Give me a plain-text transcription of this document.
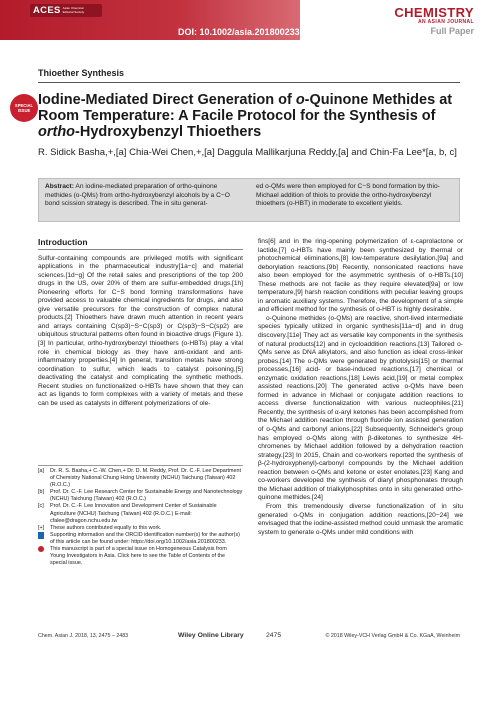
ACES Asian Chemical Editorial Society
DOI: 10.1002/asia.201800233
CHEMISTRY
AN ASIAN JOURNAL
Full Paper
Thioether Synthesis
SPECIAL
ISSUE
Iodine-Mediated Direct Generation of o-Quinone Methides at Room Temperature: A Facile Protocol for the Synthesis of ortho-Hydroxybenzyl Thioethers
R. Sidick Basha,+,[a] Chia-Wei Chen,+,[a] Daggula Mallikarjuna Reddy,[a] and Chin-Fa Lee*[a, b, c]
Abstract: An iodine-mediated preparation of ortho-quinone methides (o-QMs) from ortho-hydroxybenzyl alcohols by a C−O bond scission strategy is described. The in situ generat-
ed o-QMs were then employed for C−S bond formation by thio-Michael addition of thiols to provide the ortho-hydroxybenzyl thioethers (o-HBT) in moderate to excellent yields.
Introduction

Sulfur-containing compounds are privileged motifs with significant applications in the pharmaceutical industry[1a−c] and material sciences.[1d−g] Of the retail sales and prescriptions of the top 200 drugs in the US, over 20% of them are sulfur-embedded drugs.[1h] Pioneering efforts for C−S bond forming transformations have provided access to valuable chemical ingredients for drugs, and also give versatile precursors for the construction of complex natural products.[2] Thioethers have drawn much attention in recent years and arrays containing C(sp3)−S−C(sp3) or C(sp3)−S−C(sp2) are ubiquitous structural patterns often found in bioactive drugs (Figure 1).[3] In particular, ortho-hydroxybenzyl thioethers (o-HBTs) play a vital role in chemical biology as they have anti-oxidant and anti-inflammatory properties.[4] In general, transition metals have strong coordination to sulfur, which leads to catalyst poisoning,[5] deactivating the catalyst and complicating the synthetic methods. Recent studies on functionalized o-HBTs have shown that they can act as ligands to form complexes with a variety of metals and these can be used as catalysts in different polymerizations of ole-

fins[6] and in the ring-opening polymerization of ε-caprolactone or lactide.[7] o-HBTs have mainly been synthesized by thermal or photochemical eliminations,[8] low-temperature desilylation,[9a] and deborylation reactions.[9b] Recently, nonsonicated reactions have also been employed for the asymmetric synthesis of o-HBTs.[10] These methods are not facile as they require elevated[9a] or low temperature,[9] harsh reaction conditions with peculiar leaving groups in aromatic auxiliary systems. Therefore, the development of a simple and efficient method for the synthesis of o-HBT is highly desirable.

o-Quinone methides (o-QMs) are reactive, short-lived intermediate species typically utilized in organic synthesis[11a−d] and in drug discovery.[11e] They act as versatile key components in the synthesis of natural products[12] and in cycloaddition reactions.[13] Tailored o-QMs serve as DNA alkylators, and also function as ideal cross-linker probes.[14] The o-QMs were generated by photolysis[15] or thermal processes,[16] acid- or base-induced reactions,[17] chemical or enzymatic oxidation reactions,[18] Lewis acid,[19] or metal complex assisted reactions.[20] The generated active o-QMs have been formed in advance in Michael or conjugate addition reactions to access diverse functionalization with various nucleophiles.[21] Recently, the synthesis of α-aryl ketones has been accomplished from the Michael addition reaction through fluoride ion assisted generation of o-QMs and carbonyl anions.[22] Subsequently, Schneider's group has employed o-QMs along with β-diketones to synthesize 4H-chromenes by Michael addition followed by a dehydration reaction strategy.[23] In 2015, Chain and co-workers reported the synthesis of β-(2-hydroxyphenyl)-carbonyl compounds by the Michael addition reaction between o-QMs and ketone or ester enolates.[23] Kang and co-workers developed the synthesis of diaryl phosphonates through the Michael addition of trialkylphosphites onto in situ generated ortho-quinone methides.[24]

From this tremendously diverse functionalization of in situ generated o-QMs in conjugation addition reactions,[20−24] we envisaged that the iodine-assisted method could unmask the aromatic system to generate o-QMs under mild conditions with

[a]	Dr. R. S. Basha,+ C.-W. Chen,+ Dr. D. M. Reddy, Prof. Dr. C.-F. Lee Department of Chemistry National Chung Hsing University (NCHU) Taichung (Taiwan) 402 (R.O.C.)
[b]	Prof. Dr. C.-F. Lee Research Center for Sustainable Energy and Nanotechnology (NCHU) Taichung (Taiwan) 402 (R.O.C.)
[c]	Prof. Dr. C.-F. Lee Innovation and Development Center of Sustainable Agriculture (NCHU) Taichung (Taiwan) 402 (R.O.C.) E-mail: cfalee@dragon.nchu.edu.tw
[+]	These authors contributed equally to this work.
Supporting information and the ORCID identification number(s) for the author(s) of this article can be found under: https://doi.org/10.1002/asia.201800233.
This manuscript is part of a special issue on Homogeneous Catalysis from Young Investigators in Asia. Click here to see the Table of Contents of the special issue.
Chem. Asian J. 2018, 13, 2475 – 2483	Wiley Online Library	2475	© 2018 Wiley-VCH Verlag GmbH & Co. KGaA, Weinheim
